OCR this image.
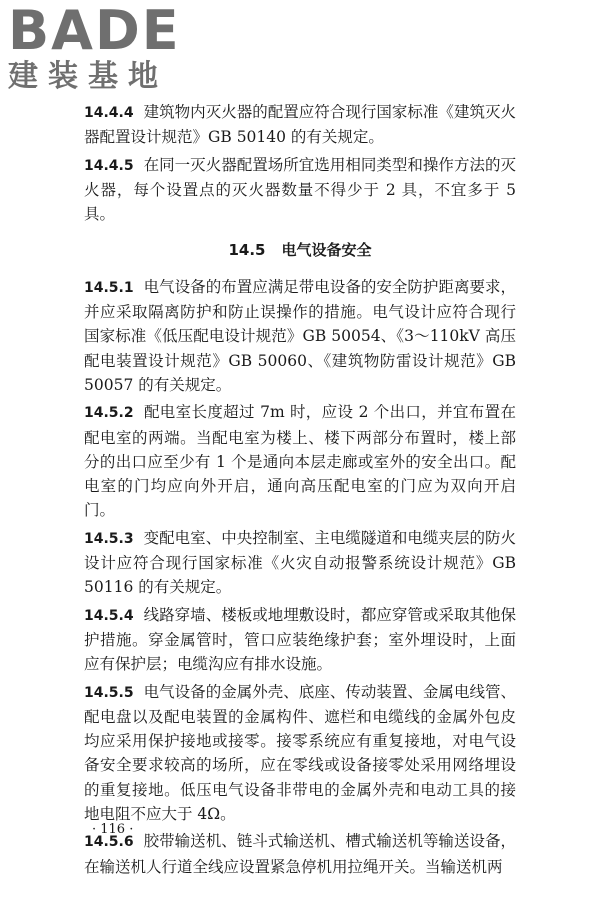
BADE
建装基地

14.4.4 建筑物内灭火器的配置应符合现行国家标准《建筑灭火器配置设计规范》GB 50140 的有关规定。

14.4.5 在同一灭火器配置场所宜选用相同类型和操作方法的灭火器，每个设置点的灭火器数量不得少于 2 具，不宜多于 5 具。

14.5 电气设备安全

14.5.1 电气设备的布置应满足带电设备的安全防护距离要求，并应采取隔离防护和防止误操作的措施。电气设计应符合现行国家标准《低压配电设计规范》GB 50054、《3～110kV 高压配电装置设计规范》GB 50060、《建筑物防雷设计规范》GB 50057 的有关规定。

14.5.2 配电室长度超过 7m 时，应设 2 个出口，并宜布置在配电室的两端。当配电室为楼上、楼下两部分布置时，楼上部分的出口应至少有 1 个是通向本层走廊或室外的安全出口。配电室的门均应向外开启，通向高压配电室的门应为双向开启门。

14.5.3 变配电室、中央控制室、主电缆隧道和电缆夹层的防火设计应符合现行国家标准《火灾自动报警系统设计规范》GB 50116 的有关规定。

14.5.4 线路穿墙、楼板或地埋敷设时，都应穿管或采取其他保护措施。穿金属管时，管口应装绝缘护套；室外埋设时，上面应有保护层；电缆沟应有排水设施。

14.5.5 电气设备的金属外壳、底座、传动装置、金属电线管、配电盘以及配电装置的金属构件、遮栏和电缆线的金属外包皮均应采用保护接地或接零。接零系统应有重复接地，对电气设备安全要求较高的场所，应在零线或设备接零处采用网络埋设的重复接地。低压电气设备非带电的金属外壳和电动工具的接地电阻不应大于 4Ω。

14.5.6 胶带输送机、链斗式输送机、槽式输送机等输送设备，在输送机人行道全线应设置紧急停机用拉绳开关。当输送机两

· 116 ·
